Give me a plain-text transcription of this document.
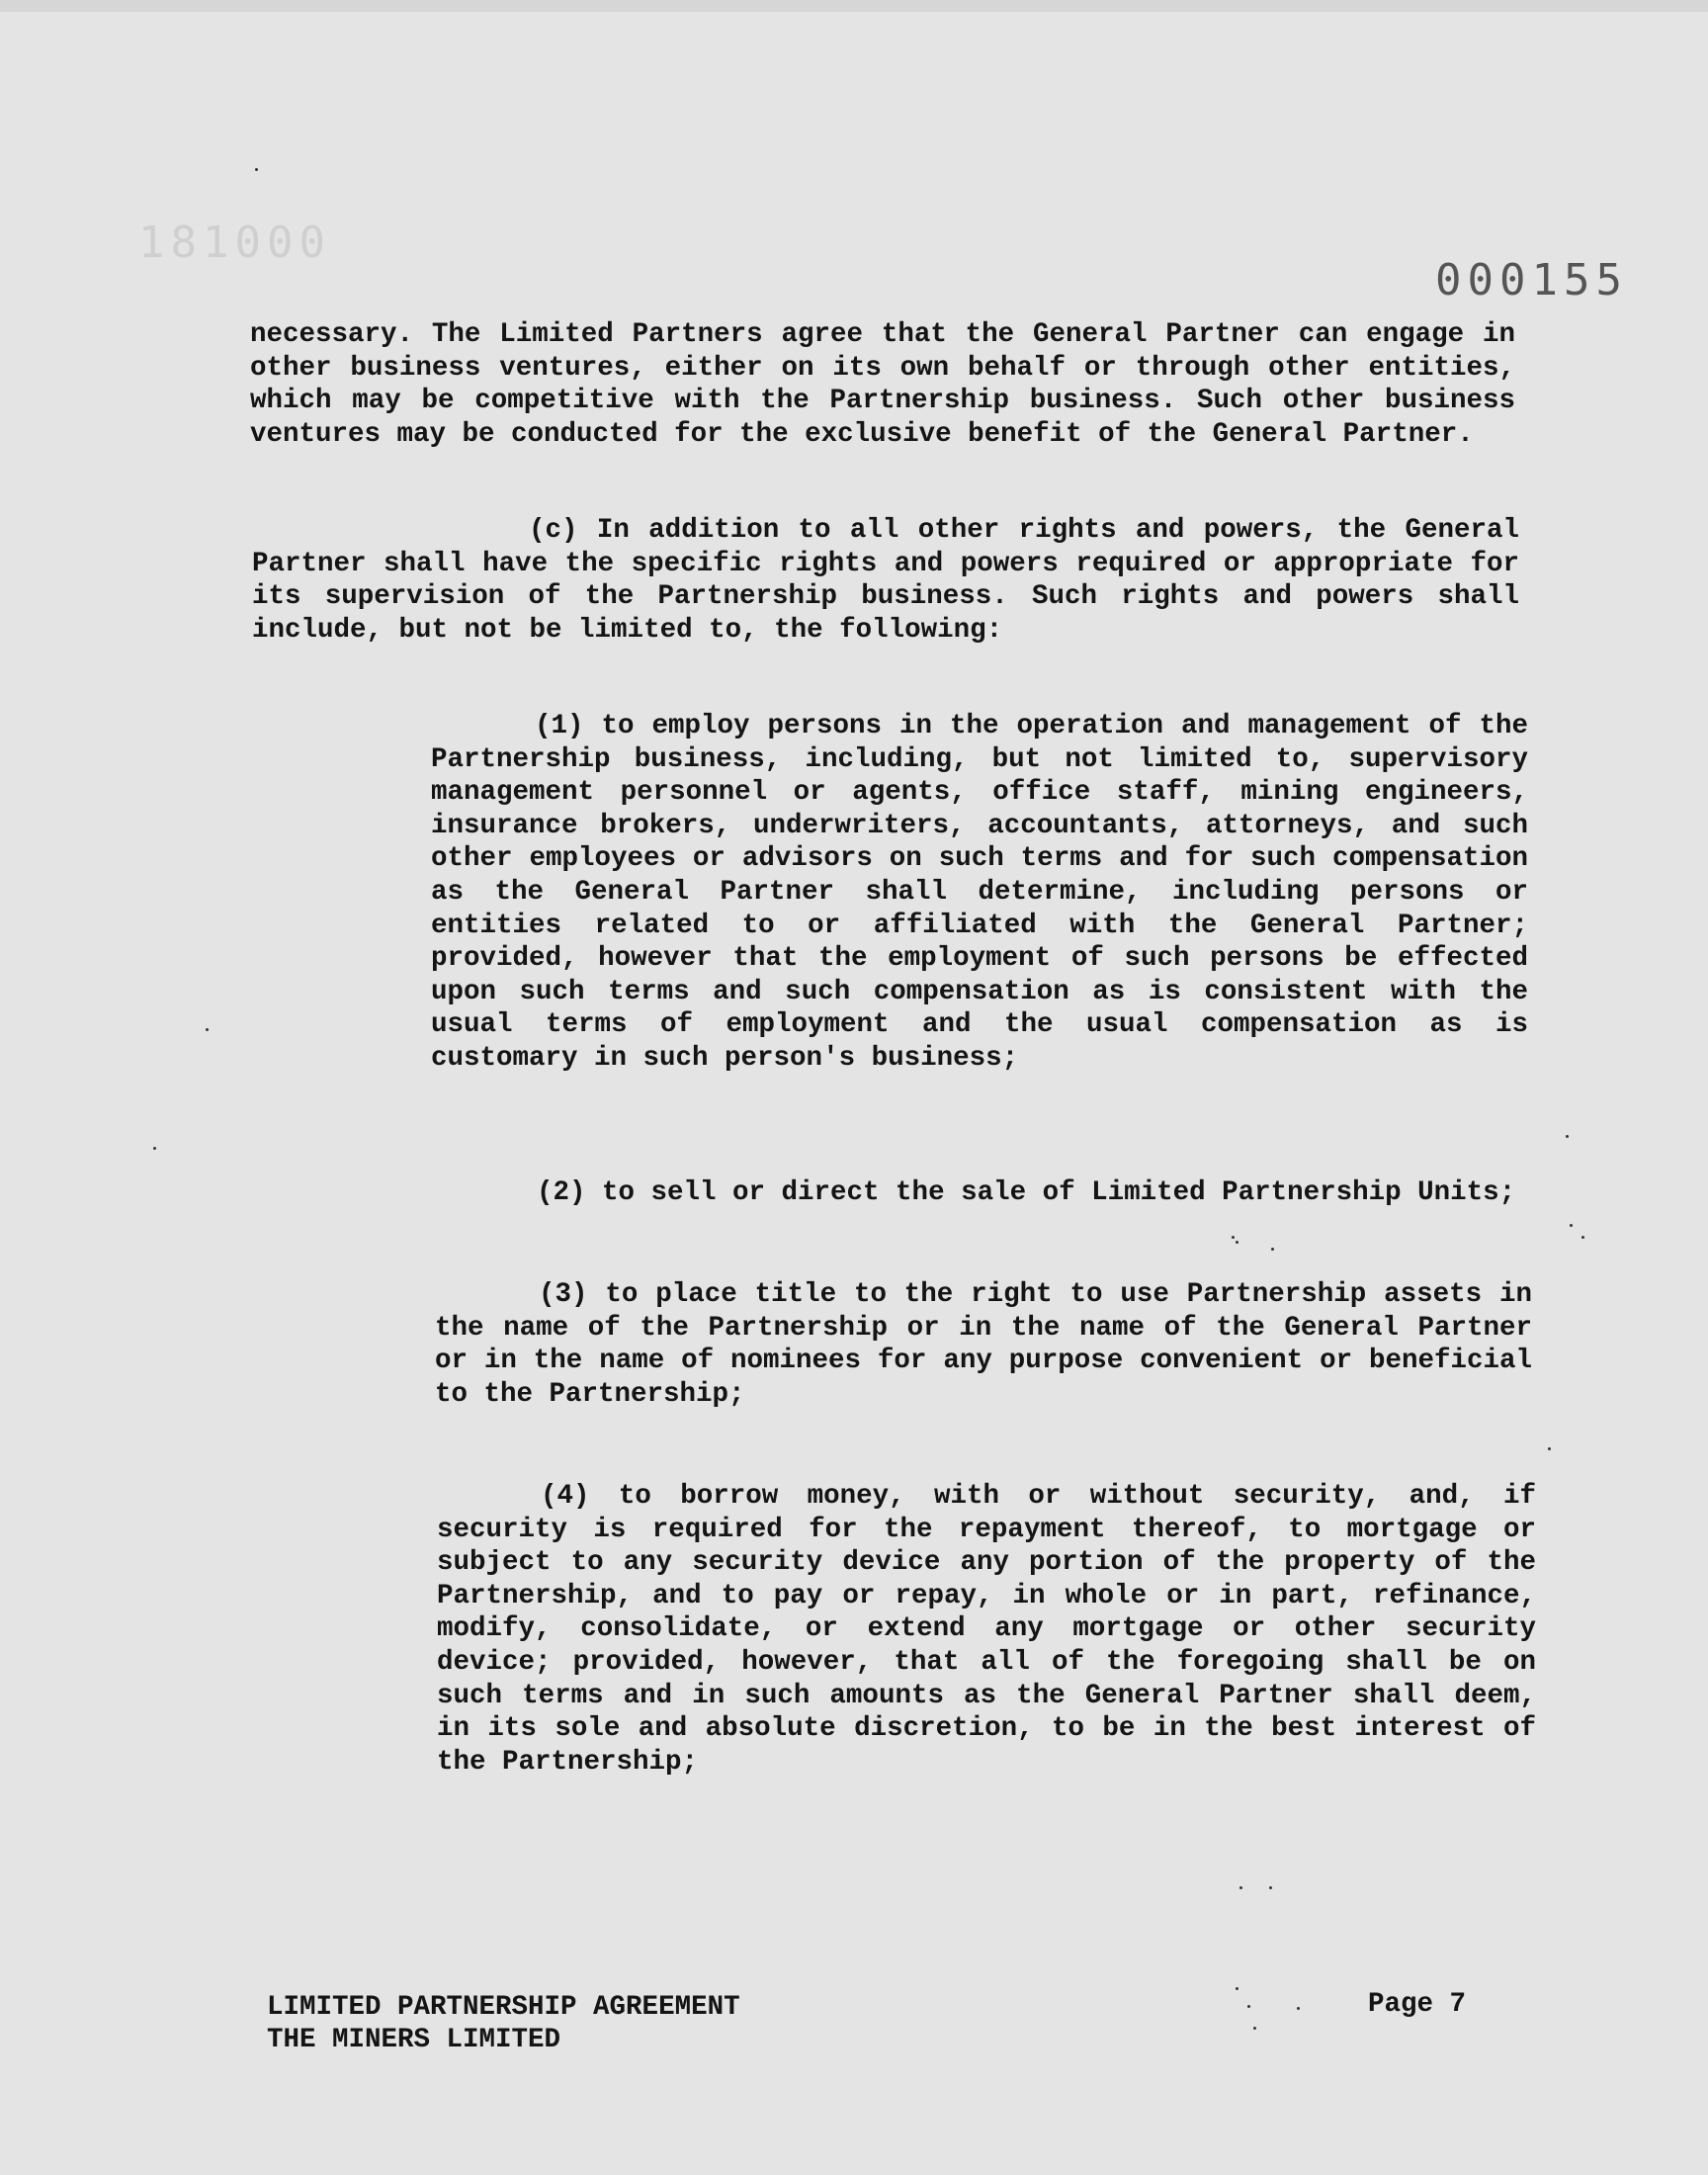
181000
000155

necessary. The Limited Partners agree that the General Partner can engage in other business ventures, either on its own behalf or through other entities, which may be competitive with the Partnership business. Such other business ventures may be conducted for the exclusive benefit of the General Partner.

(c) In addition to all other rights and powers, the General Partner shall have the specific rights and powers required or appropriate for its supervision of the Partnership business. Such rights and powers shall include, but not be limited to, the following:

(1) to employ persons in the operation and management of the Partnership business, including, but not limited to, supervisory management personnel or agents, office staff, mining engineers, insurance brokers, underwriters, accountants, attorneys, and such other employees or advisors on such terms and for such compensation as the General Partner shall determine, including persons or entities related to or affiliated with the General Partner; provided, however that the employment of such persons be effected upon such terms and such compensation as is consistent with the usual terms of employment and the usual compensation as is customary in such person's business;

(2) to sell or direct the sale of Limited Partnership Units;

(3) to place title to the right to use Partnership assets in the name of the Partnership or in the name of the General Partner or in the name of nominees for any purpose convenient or beneficial to the Partnership;

(4) to borrow money, with or without security, and, if security is required for the repayment thereof, to mortgage or subject to any security device any portion of the property of the Partnership, and to pay or repay, in whole or in part, refinance, modify, consolidate, or extend any mortgage or other security device; provided, however, that all of the foregoing shall be on such terms and in such amounts as the General Partner shall deem, in its sole and absolute discretion, to be in the best interest of the Partnership;

LIMITED PARTNERSHIP AGREEMENT
THE MINERS LIMITED
Page 7
